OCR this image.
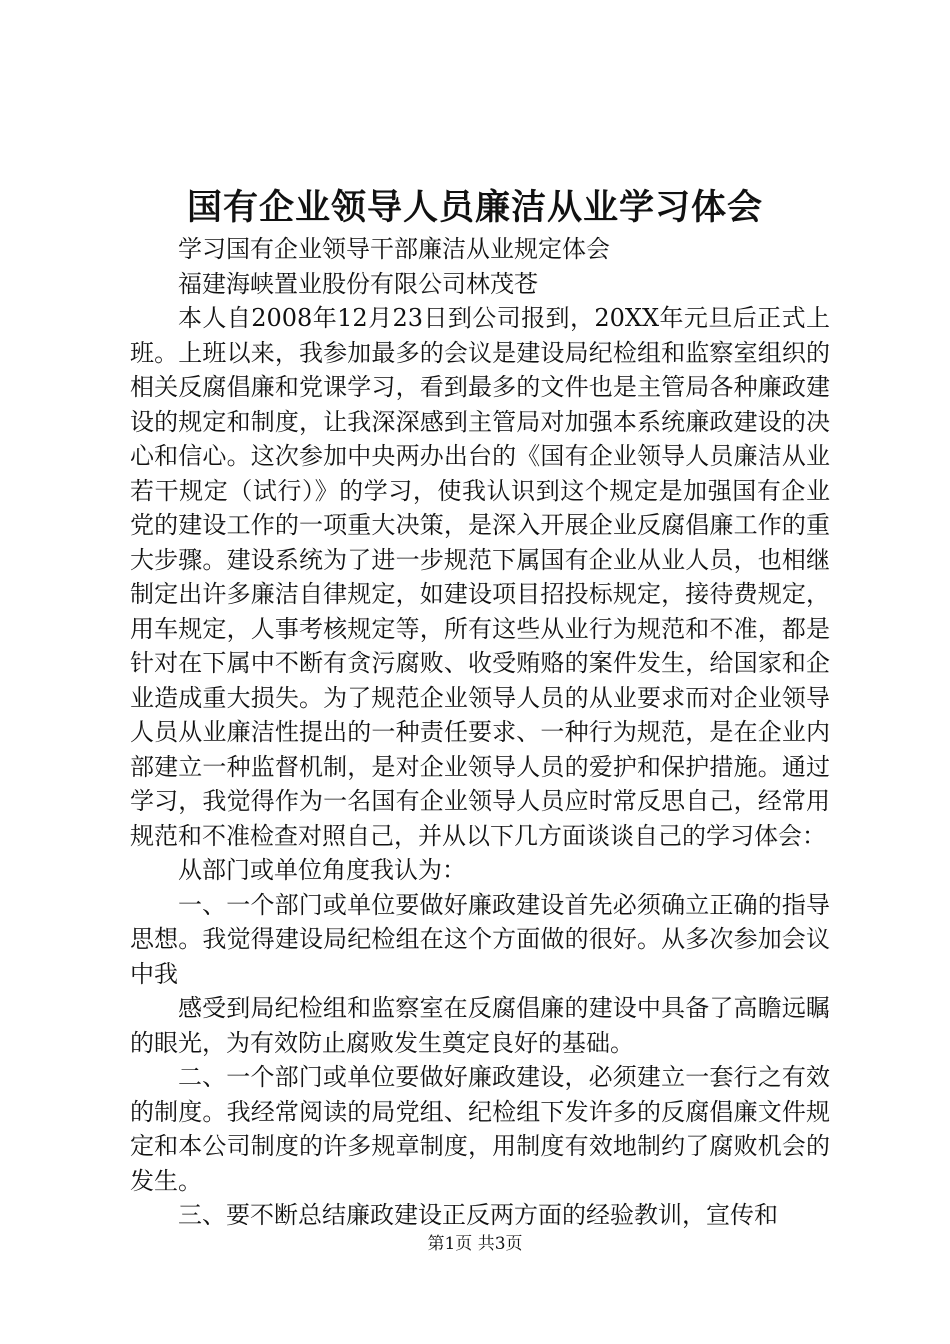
国有企业领导人员廉洁从业学习体会

学习国有企业领导干部廉洁从业规定体会

福建海峡置业股份有限公司林茂苍

本人自2008年12月23日到公司报到，20XX年元旦后正式上班。上班以来，我参加最多的会议是建设局纪检组和监察室组织的相关反腐倡廉和党课学习，看到最多的文件也是主管局各种廉政建设的规定和制度，让我深深感到主管局对加强本系统廉政建设的决心和信心。这次参加中央两办出台的《国有企业领导人员廉洁从业若干规定（试行）》的学习，使我认识到这个规定是加强国有企业党的建设工作的一项重大决策，是深入开展企业反腐倡廉工作的重大步骤。建设系统为了进一步规范下属国有企业从业人员，也相继制定出许多廉洁自律规定，如建设项目招投标规定，接待费规定，用车规定，人事考核规定等，所有这些从业行为规范和不准，都是针对在下属中不断有贪污腐败、收受贿赂的案件发生，给国家和企业造成重大损失。为了规范企业领导人员的从业要求而对企业领导人员从业廉洁性提出的一种责任要求、一种行为规范，是在企业内部建立一种监督机制，是对企业领导人员的爱护和保护措施。通过学习，我觉得作为一名国有企业领导人员应时常反思自己，经常用规范和不准检查对照自己，并从以下几方面谈谈自己的学习体会：

从部门或单位角度我认为：

一、一个部门或单位要做好廉政建设首先必须确立正确的指导思想。我觉得建设局纪检组在这个方面做的很好。从多次参加会议中我

感受到局纪检组和监察室在反腐倡廉的建设中具备了高瞻远瞩的眼光，为有效防止腐败发生奠定良好的基础。

二、一个部门或单位要做好廉政建设，必须建立一套行之有效的制度。我经常阅读的局党组、纪检组下发许多的反腐倡廉文件规定和本公司制度的许多规章制度，用制度有效地制约了腐败机会的发生。

三、要不断总结廉政建设正反两方面的经验教训，宣传和

第1页 共3页
